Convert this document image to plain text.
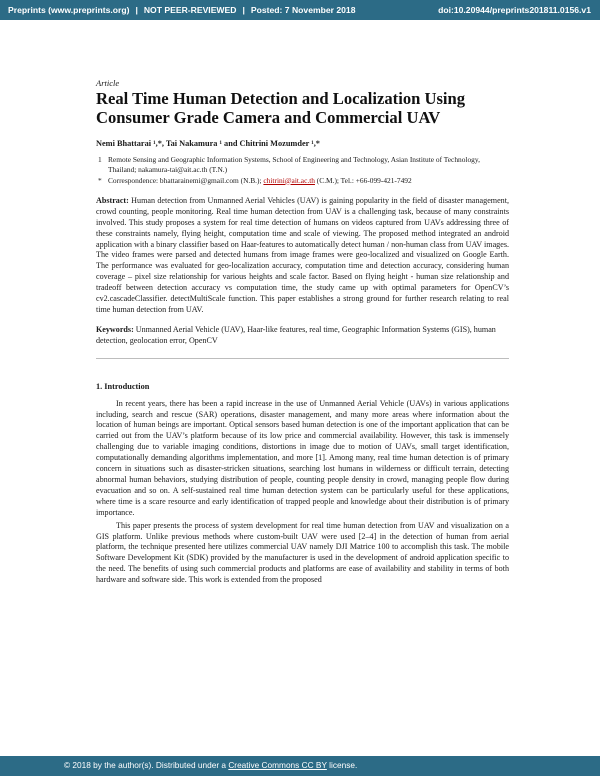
Preprints (www.preprints.org) | NOT PEER-REVIEWED | Posted: 7 November 2018	doi:10.20944/preprints201811.0156.v1

Article

Real Time Human Detection and Localization Using Consumer Grade Camera and Commercial UAV

Nemi Bhattarai ¹,*, Tai Nakamura ¹ and Chitrini Mozumder ¹,*

1 Remote Sensing and Geographic Information Systems, School of Engineering and Technology, Asian Institute of Technology, Thailand; nakamura-tai@ait.ac.th (T.N.)
* Correspondence: bhattarainemi@gmail.com (N.B.); chitrini@ait.ac.th (C.M.); Tel.: +66-099-421-7492

Abstract: Human detection from Unmanned Aerial Vehicles (UAV) is gaining popularity in the field of disaster management, crowd counting, people monitoring. Real time human detection from UAV is a challenging task, because of many constraints involved. This study proposes a system for real time detection of humans on videos captured from UAVs addressing three of these constraints namely, flying height, computation time and scale of viewing. The proposed method integrated an android application with a binary classifier based on Haar-features to automatically detect human / non-human class from UAV images. The video frames were parsed and detected humans from image frames were geo-localized and visualized on Google Earth. The performance was evaluated for geo-localization accuracy, computation time and detection accuracy, considering human coverage – pixel size relationship for various heights and scale factor. Based on flying height - human size relationship and tradeoff between detection accuracy vs computation time, the study came up with optimal parameters for OpenCV’s cv2.cascadeClassifier. detectMultiScale function. This paper establishes a strong ground for further research relating to real time human detection from UAV.

Keywords: Unmanned Aerial Vehicle (UAV), Haar-like features, real time, Geographic Information Systems (GIS), human detection, geolocation error, OpenCV

1. Introduction

In recent years, there has been a rapid increase in the use of Unmanned Aerial Vehicle (UAVs) in various applications including, search and rescue (SAR) operations, disaster management, and many more areas where information about the location of human beings are important. Optical sensors based human detection is one of the important application that can be carried out from the UAV’s platform because of its low price and commercial availability. However, this task is immensely challenging due to variable imaging conditions, distortions in image due to motion of UAVs, small target identification, computationally demanding algorithms implementation, and more [1]. Among many, real time human detection is of primary concern in situations such as disaster-stricken situations, searching lost humans in wilderness or difficult terrain, detecting abnormal human behaviors, studying distribution of people, counting people density in crowd, managing people flow during evacuation and so on. A self-sustained real time human detection system can be particularly useful for these applications, where time is a scare resource and early identification of trapped people and knowledge about their distribution is of primary importance.

This paper presents the process of system development for real time human detection from UAV and visualization on a GIS platform. Unlike previous methods where custom-built UAV were used [2–4] in the detection of human from aerial platform, the technique presented here utilizes commercial UAV namely DJI Matrice 100 to accomplish this task. The mobile Software Development Kit (SDK) provided by the manufacturer is used in the development of android application specific to the need. The benefits of using such commercial products and platforms are ease of availability and stability in terms of both hardware and software side. This work is extended from the proposed

© 2018 by the author(s). Distributed under a Creative Commons CC BY license.
